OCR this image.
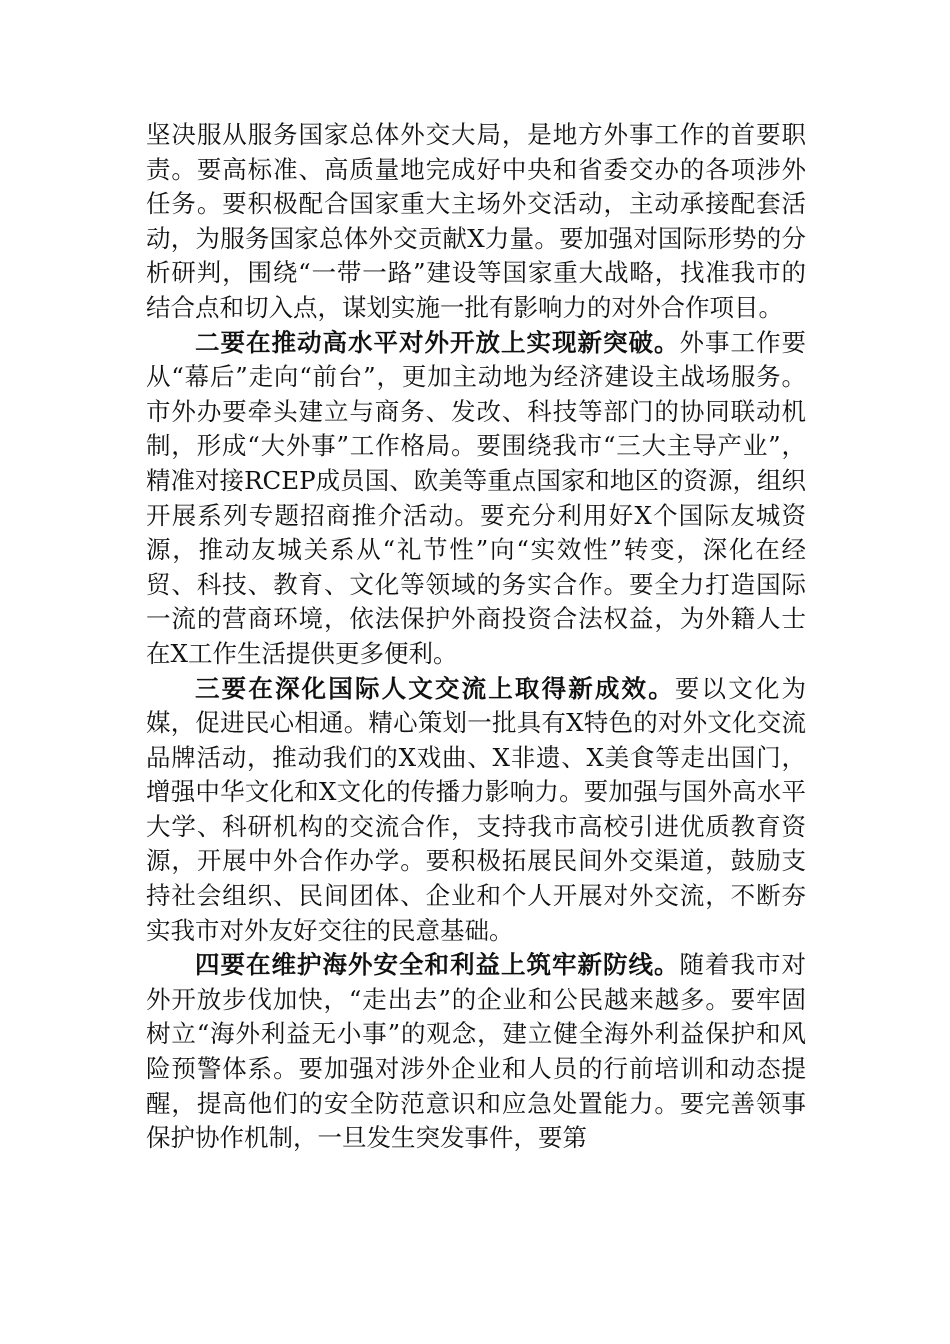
坚决服从服务国家总体外交大局，是地方外事工作的首要职责。要高标准、高质量地完成好中央和省委交办的各项涉外任务。要积极配合国家重大主场外交活动，主动承接配套活动，为服务国家总体外交贡献X力量。要加强对国际形势的分析研判，围绕“一带一路”建设等国家重大战略，找准我市的结合点和切入点，谋划实施一批有影响力的对外合作项目。

二要在推动高水平对外开放上实现新突破。外事工作要从“幕后”走向“前台”，更加主动地为经济建设主战场服务。市外办要牵头建立与商务、发改、科技等部门的协同联动机制，形成“大外事”工作格局。要围绕我市“三大主导产业”，精准对接RCEP成员国、欧美等重点国家和地区的资源，组织开展系列专题招商推介活动。要充分利用好X个国际友城资源，推动友城关系从“礼节性”向“实效性”转变，深化在经贸、科技、教育、文化等领域的务实合作。要全力打造国际一流的营商环境，依法保护外商投资合法权益，为外籍人士在X工作生活提供更多便利。

三要在深化国际人文交流上取得新成效。要以文化为媒，促进民心相通。精心策划一批具有X特色的对外文化交流品牌活动，推动我们的X戏曲、X非遗、X美食等走出国门，增强中华文化和X文化的传播力影响力。要加强与国外高水平大学、科研机构的交流合作，支持我市高校引进优质教育资源，开展中外合作办学。要积极拓展民间外交渠道，鼓励支持社会组织、民间团体、企业和个人开展对外交流，不断夯实我市对外友好交往的民意基础。

四要在维护海外安全和利益上筑牢新防线。随着我市对外开放步伐加快，“走出去”的企业和公民越来越多。要牢固树立“海外利益无小事”的观念，建立健全海外利益保护和风险预警体系。要加强对涉外企业和人员的行前培训和动态提醒，提高他们的安全防范意识和应急处置能力。要完善领事保护协作机制，一旦发生突发事件，要第
